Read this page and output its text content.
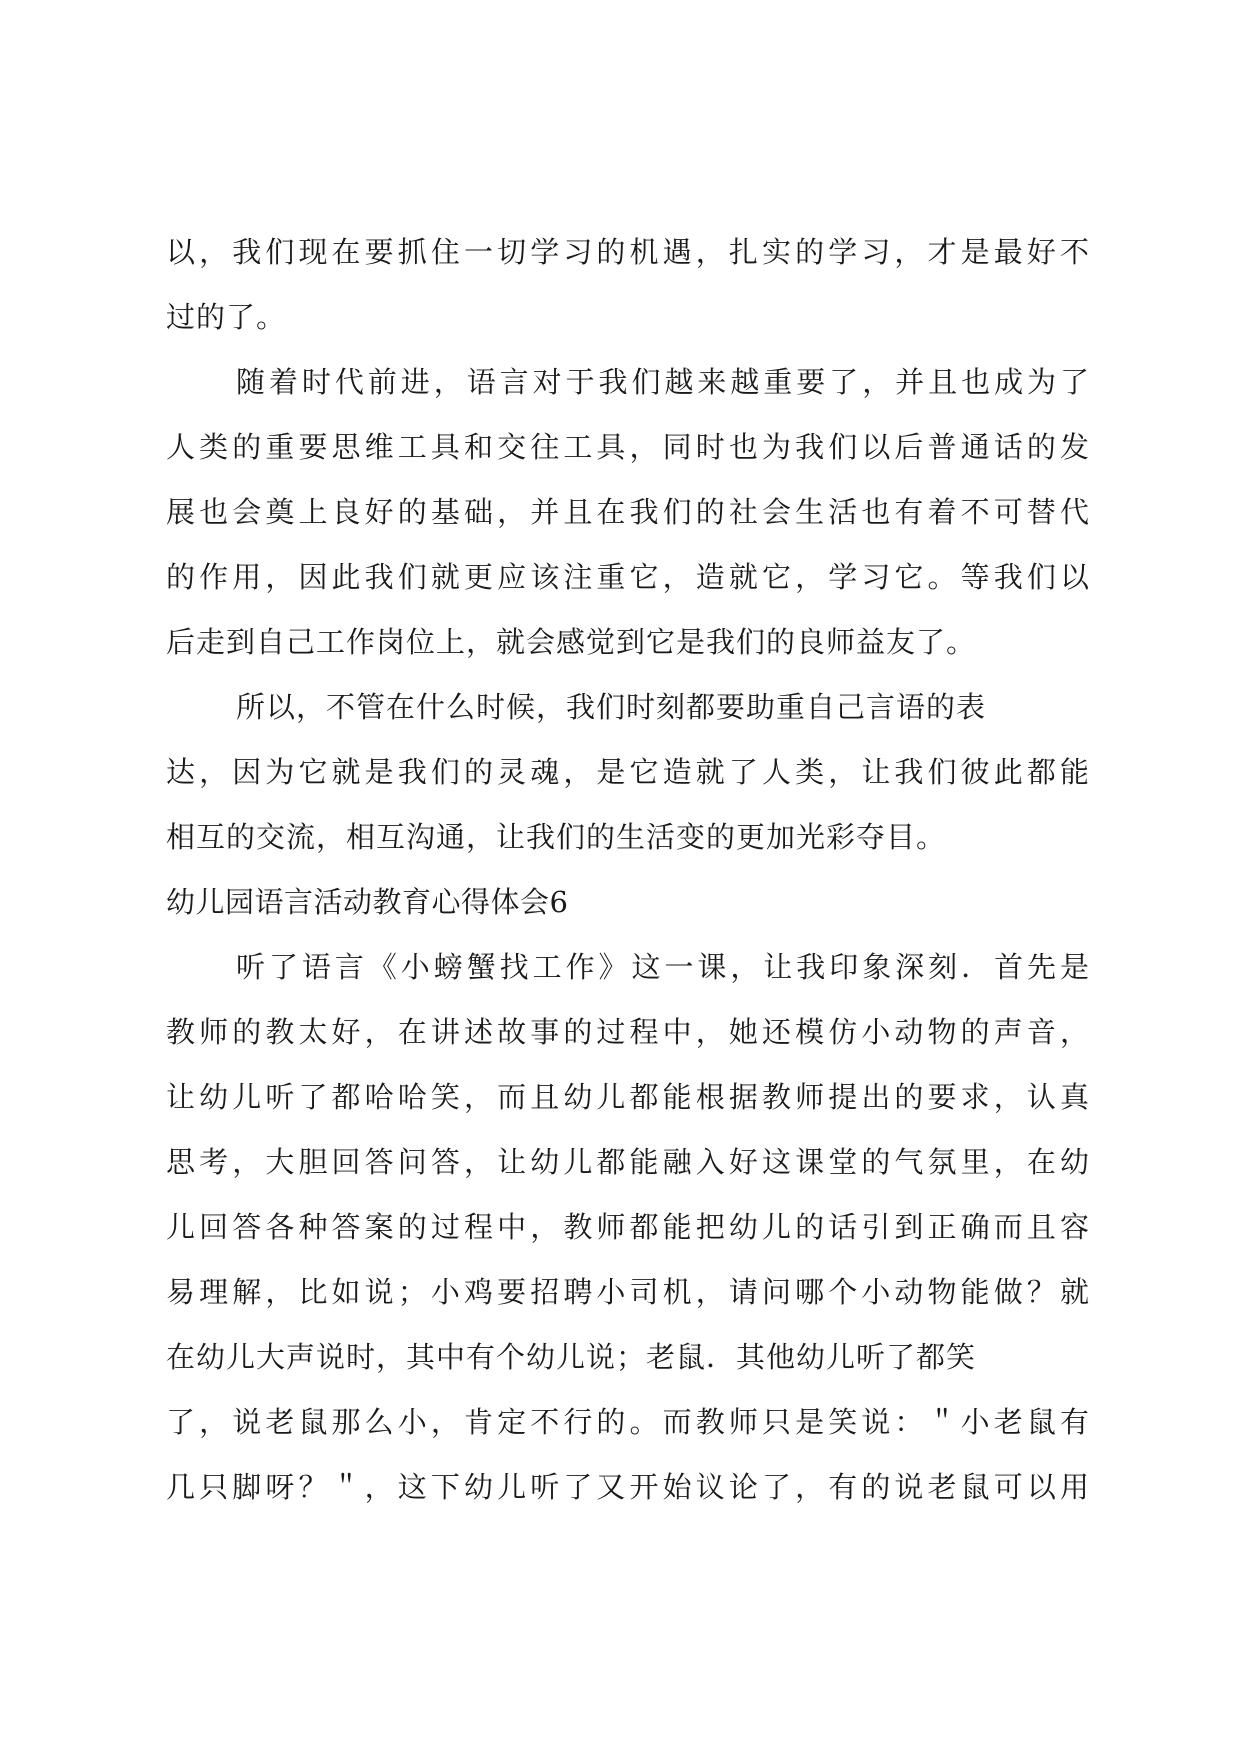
以，我们现在要抓住一切学习的机遇，扎实的学习，才是最好不
过的了。
随着时代前进，语言对于我们越来越重要了，并且也成为了
人类的重要思维工具和交往工具，同时也为我们以后普通话的发
展也会奠上良好的基础，并且在我们的社会生活也有着不可替代
的作用，因此我们就更应该注重它，造就它，学习它。等我们以
后走到自己工作岗位上，就会感觉到它是我们的良师益友了。
所以，不管在什么时候，我们时刻都要助重自己言语的表
达，因为它就是我们的灵魂，是它造就了人类，让我们彼此都能
相互的交流，相互沟通，让我们的生活变的更加光彩夺目。
幼儿园语言活动教育心得体会6
听了语言《小螃蟹找工作》这一课，让我印象深刻．首先是
教师的教太好，在讲述故事的过程中，她还模仿小动物的声音，
让幼儿听了都哈哈笑，而且幼儿都能根据教师提出的要求，认真
思考，大胆回答问答，让幼儿都能融入好这课堂的气氛里，在幼
儿回答各种答案的过程中，教师都能把幼儿的话引到正确而且容
易理解，比如说；小鸡要招聘小司机，请问哪个小动物能做？就
在幼儿大声说时，其中有个幼儿说；老鼠．其他幼儿听了都笑
了，说老鼠那么小，肯定不行的。而教师只是笑说：＂小老鼠有
几只脚呀？＂，这下幼儿听了又开始议论了，有的说老鼠可以用
